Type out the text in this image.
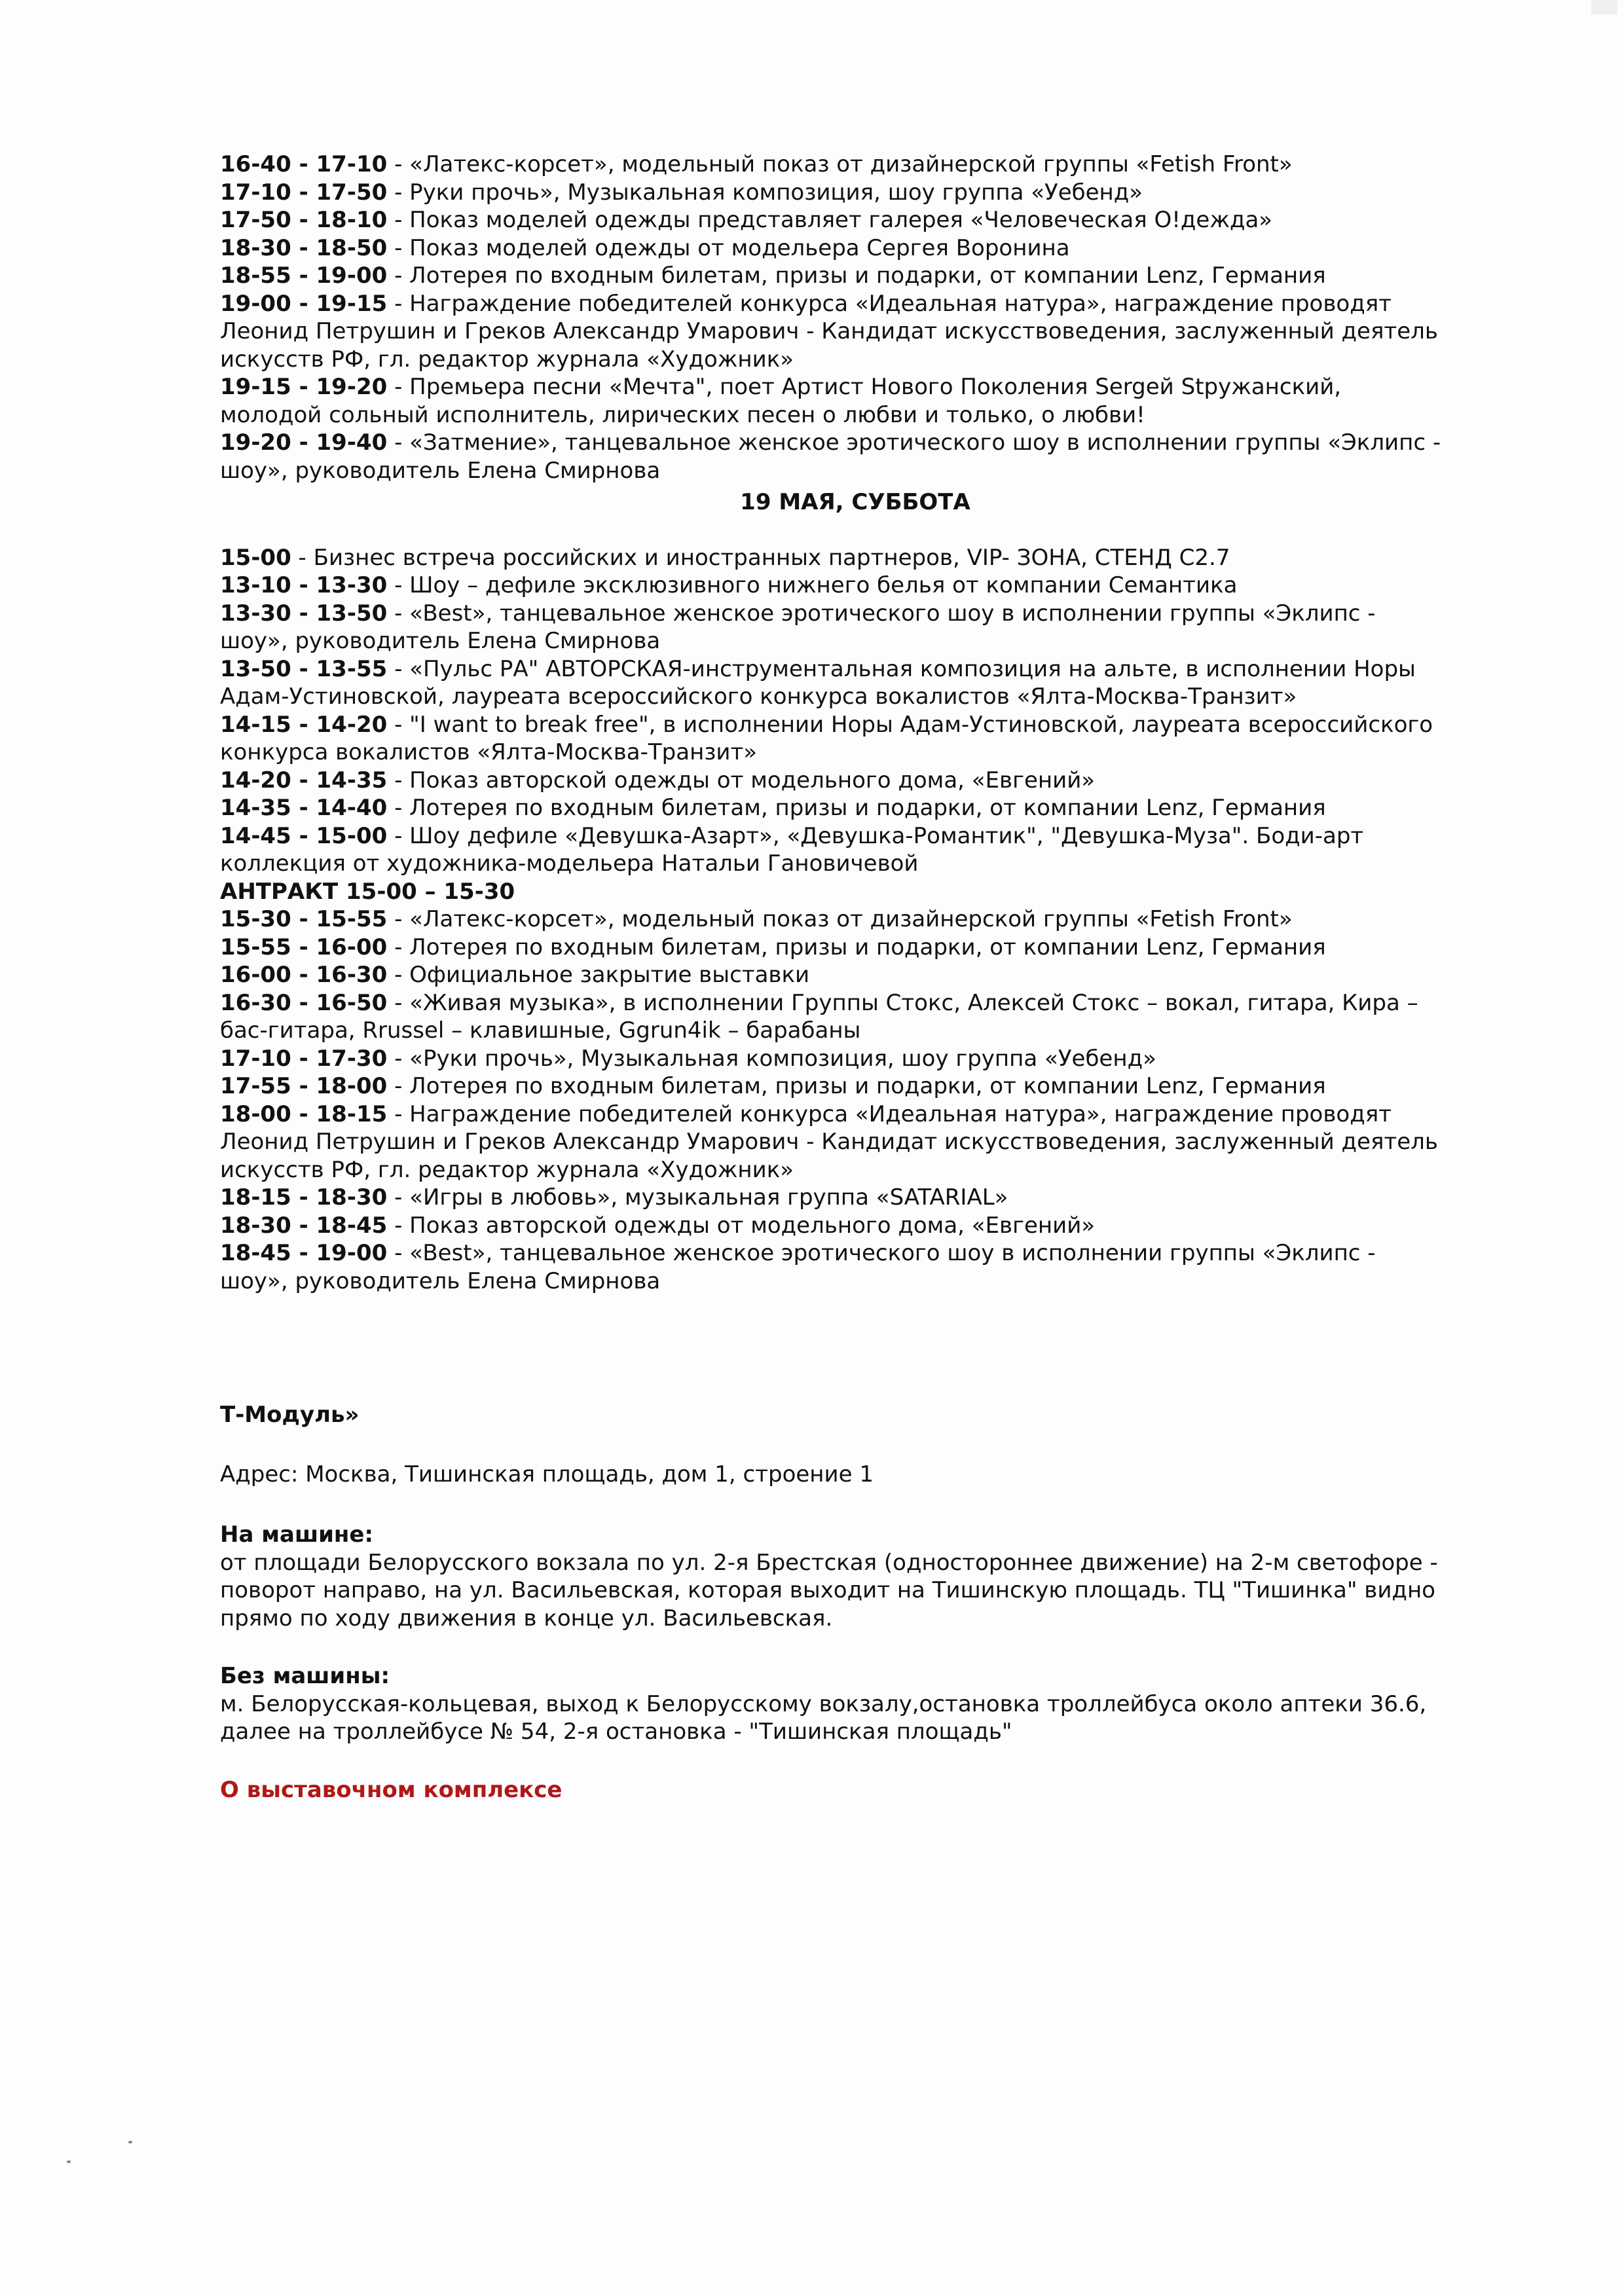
16-40 - 17-10 - «Латекс-корсет», модельный показ от дизайнерской группы «Fetish Front»
17-10 - 17-50 - Руки прочь», Музыкальная композиция, шоу группа «Уебенд»
17-50 - 18-10 - Показ моделей одежды представляет галерея «Человеческая О!дежда»
18-30 - 18-50 - Показ моделей одежды от модельера Сергея Воронина
18-55 - 19-00 - Лотерея по входным билетам, призы и подарки, от компании Lenz, Германия
19-00 - 19-15 - Награждение победителей конкурса «Идеальная натура», награждение проводят
Леонид Петрушин и Греков Александр Умарович - Кандидат искусствоведения, заслуженный деятель
искусств РФ, гл. редактор журнала «Художник»
19-15 - 19-20 - Премьера песни «Мечта", поет Артист Нового Поколения Sergeй Stружанский,
молодой сольный исполнитель, лирических песен о любви и только, о любви!
19-20 - 19-40 - «Затмение», танцевальное женское эротического шоу в исполнении группы «Эклипс -
шоу», руководитель Елена Смирнова
19 МАЯ, СУББОТА
15-00 - Бизнес встреча российских и иностранных партнеров, VIP- ЗОНА, СТЕНД С2.7
13-10 - 13-30 - Шоу – дефиле эксклюзивного нижнего белья от компании Семантика
13-30 - 13-50 - «Best», танцевальное женское эротического шоу в исполнении группы «Эклипс -
шоу», руководитель Елена Смирнова
13-50 - 13-55 - «Пульс РА" АВТОРСКАЯ-инструментальная композиция на альте, в исполнении Норы
Адам-Устиновской, лауреата всероссийского конкурса вокалистов «Ялта-Москва-Транзит»
14-15 - 14-20 - "I want to break free", в исполнении Норы Адам-Устиновской, лауреата всероссийского
конкурса вокалистов «Ялта-Москва-Транзит»
14-20 - 14-35 - Показ авторской одежды от модельного дома, «Евгений»
14-35 - 14-40 - Лотерея по входным билетам, призы и подарки, от компании Lenz, Германия
14-45 - 15-00 - Шоу дефиле «Девушка-Азарт», «Девушка-Романтик", "Девушка-Муза". Боди-арт
коллекция от художника-модельера Натальи Гановичевой
АНТРАКТ 15-00 – 15-30
15-30 - 15-55 - «Латекс-корсет», модельный показ от дизайнерской группы «Fetish Front»
15-55 - 16-00 - Лотерея по входным билетам, призы и подарки, от компании Lenz, Германия
16-00 - 16-30 - Официальное закрытие выставки
16-30 - 16-50 - «Живая музыка», в исполнении Группы Стокс, Алексей Стокс – вокал, гитара, Кира –
бас-гитара, Rrussel – клавишные, Ggrun4ik – барабаны
17-10 - 17-30 - «Руки прочь», Музыкальная композиция, шоу группа «Уебенд»
17-55 - 18-00 - Лотерея по входным билетам, призы и подарки, от компании Lenz, Германия
18-00 - 18-15 - Награждение победителей конкурса «Идеальная натура», награждение проводят
Леонид Петрушин и Греков Александр Умарович - Кандидат искусствоведения, заслуженный деятель
искусств РФ, гл. редактор журнала «Художник»
18-15 - 18-30 - «Игры в любовь», музыкальная группа «SATARIAL»
18-30 - 18-45 - Показ авторской одежды от модельного дома, «Евгений»
18-45 - 19-00 - «Best», танцевальное женское эротического шоу в исполнении группы «Эклипс -
шоу», руководитель Елена Смирнова
Т-Модуль»
Адрес: Москва, Тишинская площадь, дом 1, строение 1
На машине:
от площади Белорусского вокзала по ул. 2-я Брестская (одностороннее движение) на 2-м светофоре -
поворот направо, на ул. Васильевская, которая выходит на Тишинскую площадь. ТЦ "Тишинка" видно
прямо по ходу движения в конце ул. Васильевская.
Без машины:
м. Белорусская-кольцевая, выход к Белорусскому вокзалу,остановка троллейбуса около аптеки 36.6,
далее на троллейбусе № 54, 2-я остановка - "Тишинская площадь"
О выставочном комплексе
